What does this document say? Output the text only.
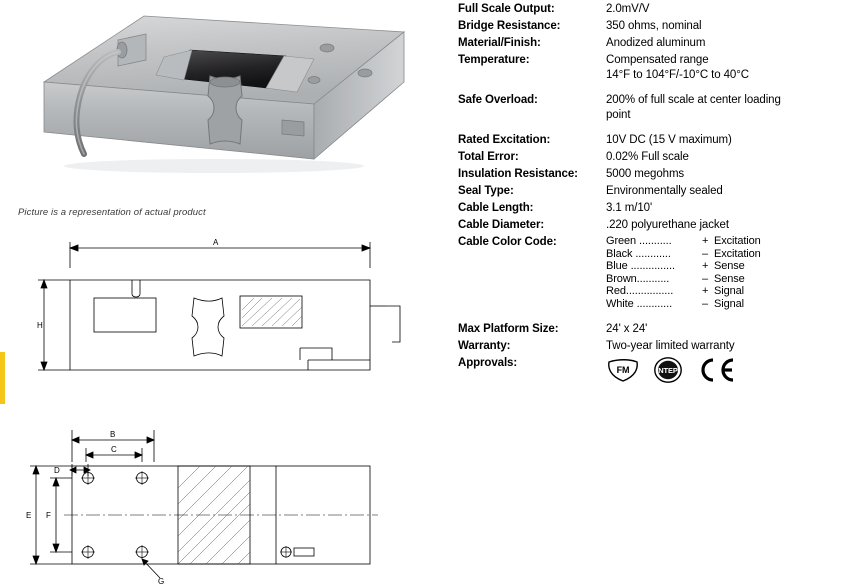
Picture is a representation of actual product
A
H
B
C
D
E F
G
Full Scale Output:	2.0mV/V
Bridge Resistance:	350 ohms, nominal
Material/Finish:	Anodized aluminum
Temperature:	Compensated range
14°F to 104°F/-10°C to 40°C
Safe Overload:	200% of full scale at center loading
point
Rated Excitation:	10V DC (15 V maximum)
Total Error:	0.02% Full scale
Insulation Resistance:	5000 megohms
Seal Type:	Environmentally sealed
Cable Length:	3.1 m/10'
Cable Diameter:	.220 polyurethane jacket
Cable Color Code:	Green ...........	+ Excitation
Black ............	– Excitation
Blue ...............	+ Sense
Brown...........	– Sense
Red................	+ Signal
White ............	– Signal
Max Platform Size:	24' x 24'
Warranty:	Two-year limited warranty
Approvals:
FM	NTEP
